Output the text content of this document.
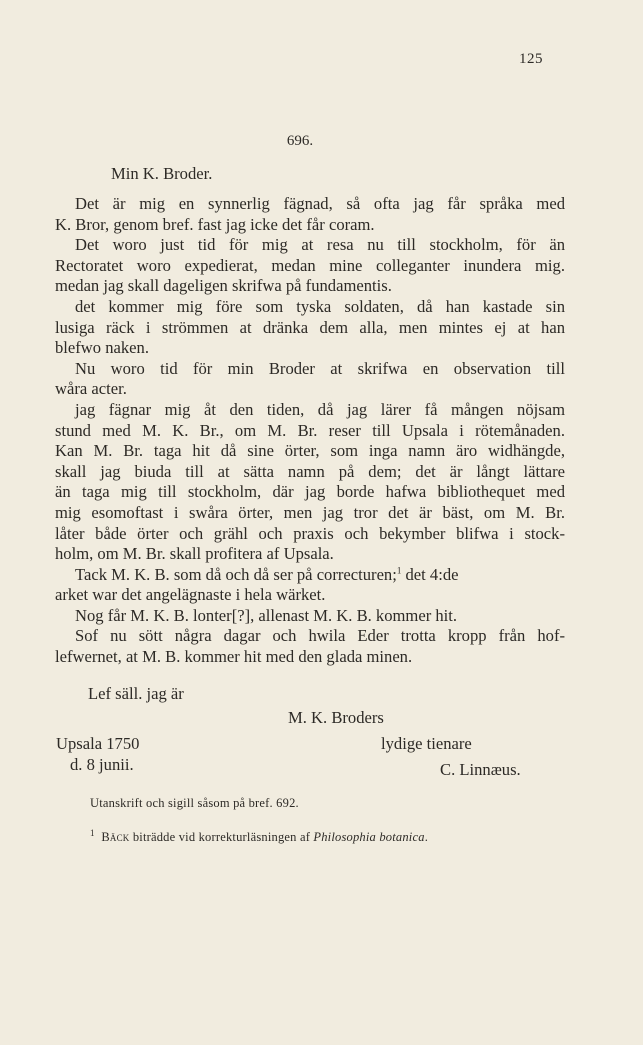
125
696.
Min K. Broder.
Det är mig en synnerlig fägnad, så ofta jag får språka med
K. Bror, genom bref. fast jag icke det får coram.
Det woro just tid för mig at resa nu till stockholm, för än
Rectoratet woro expedierat, medan mine colleganter inundera mig.
medan jag skall dageligen skrifwa på fundamentis.
det kommer mig före som tyska soldaten, då han kastade sin
lusiga räck i strömmen at dränka dem alla, men mintes ej at han
blefwo naken.
Nu woro tid för min Broder at skrifwa en observation till
wåra acter.
jag fägnar mig åt den tiden, då jag lärer få mången nöjsam
stund med M. K. Br., om M. Br. reser till Upsala i rötemånaden.
Kan M. Br. taga hit då sine örter, som inga namn äro widhängde,
skall jag biuda till at sätta namn på dem; det är långt lättare
än taga mig till stockholm, där jag borde hafwa bibliothequet med
mig esomoftast i swåra örter, men jag tror det är bäst, om M. Br.
låter både örter och grähl och praxis och bekymber blifwa i stock-
holm, om M. Br. skall profitera af Upsala.
Tack M. K. B. som då och då ser på correcturen;$^1$ det 4:de
arket war det angelägnaste i hela wärket.
Nog får M. K. B. lonter[?], allenast M. K. B. kommer hit.
Sof nu sött några dagar och hwila Eder trotta kropp från hof-
lefwernet, at M. B. kommer hit med den glada minen.
Lef säll. jag är
M. K. Broders
Upsala 1750
d. 8 junii.
lydige tienare
C. Linnæus.
Utanskrift och sigill såsom på bref. 692.
$^1$ Bäck biträdde vid korrekturläsningen af Philosophia botanica.
